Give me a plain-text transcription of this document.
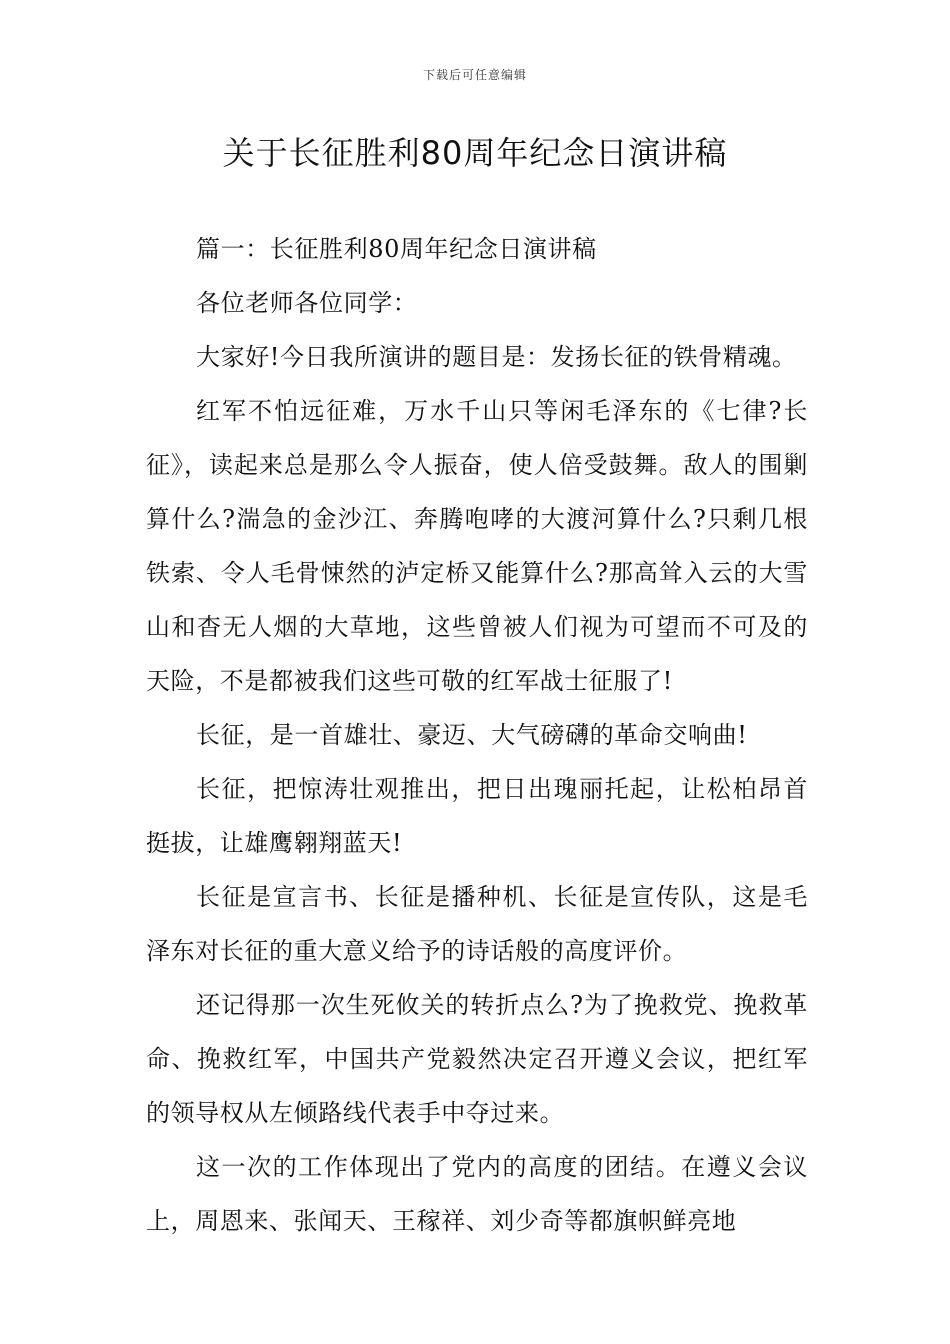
下载后可任意编辑
关于长征胜利80周年纪念日演讲稿

篇一：长征胜利80周年纪念日演讲稿

各位老师各位同学：

大家好!今日我所演讲的题目是：发扬长征的铁骨精魂。

红军不怕远征难，万水千山只等闲毛泽东的《七律?长征》，读起来总是那么令人振奋，使人倍受鼓舞。敌人的围剿算什么?湍急的金沙江、奔腾咆哮的大渡河算什么?只剩几根铁索、令人毛骨悚然的泸定桥又能算什么?那高耸入云的大雪山和杳无人烟的大草地，这些曾被人们视为可望而不可及的天险，不是都被我们这些可敬的红军战士征服了!

长征，是一首雄壮、豪迈、大气磅礴的革命交响曲!

长征，把惊涛壮观推出，把日出瑰丽托起，让松柏昂首挺拔，让雄鹰翱翔蓝天!

长征是宣言书、长征是播种机、长征是宣传队，这是毛泽东对长征的重大意义给予的诗话般的高度评价。

还记得那一次生死攸关的转折点么?为了挽救党、挽救革命、挽救红军，中国共产党毅然决定召开遵义会议，把红军的领导权从左倾路线代表手中夺过来。

这一次的工作体现出了党内的高度的团结。在遵义会议上，周恩来、张闻天、王稼祥、刘少奇等都旗帜鲜亮地
